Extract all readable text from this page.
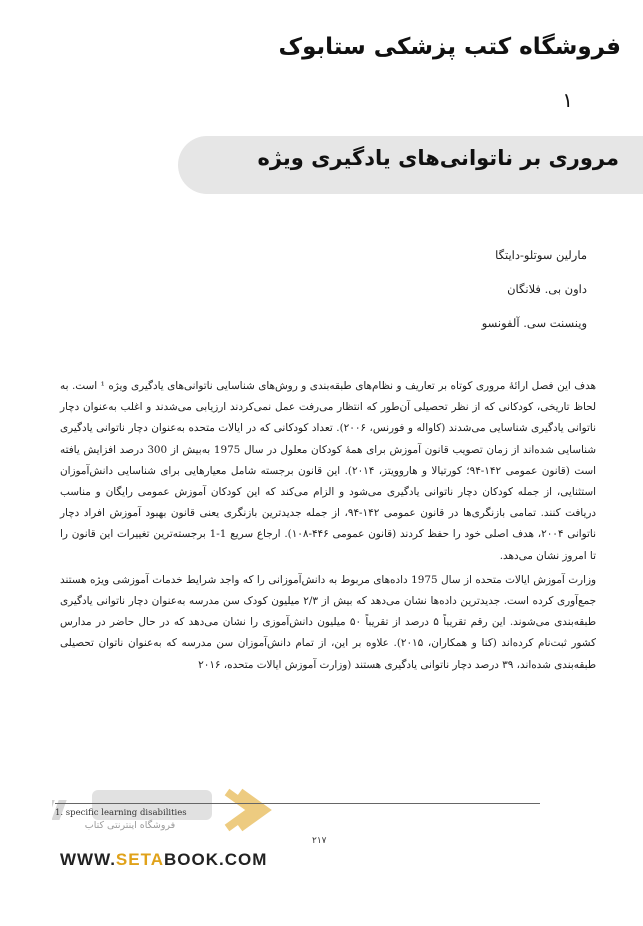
فروشگاه کتب پزشکی ستابوک
۱
مروری بر ناتوانی‌های یادگیری ویژه
مارلین سوتلو-دایتگا
داون بی. فلانگان
وینسنت سی. آلفونسو

هدف این فصل ارائهٔ مروری کوتاه بر تعاریف و نظام‌های طبقه‌بندی و روش‌های شناسایی ناتوانی‌های یادگیری ویژه ¹ است. به لحاظ تاریخی، کودکانی که از نظر تحصیلی آن‌طور که انتظار می‌رفت عمل نمی‌کردند ارزیابی می‌شدند و اغلب به‌عنوان دچار ناتوانی یادگیری شناسایی می‌شدند (کاواله و فورنس، ۲۰۰۶). تعداد کودکانی که در ایالات متحده به‌عنوان دچار ناتوانی یادگیری شناسایی شده‌اند از زمان تصویب قانون آموزش برای همهٔ کودکان معلول در سال 1975 به‌بیش از 300 درصد افزایش یافته است (قانون عمومی ۱۴۲-۹۴؛ کورتیالا و هاروویتز، ۲۰۱۴). این قانون برجسته شامل معیارهایی برای شناسایی دانش‌آموزان استثنایی، از جمله کودکان دچار ناتوانی یادگیری می‌شود و الزام می‌کند که این کودکان آموزش عمومی رایگان و مناسب دریافت کنند. تمامی بازنگری‌ها در قانون عمومی ۱۴۲-۹۴، از جمله جدیدترین بازنگری یعنی قانون بهبود آموزش افراد دچار ناتوانی ۲۰۰۴، هدف اصلی خود را حفظ کردند (قانون عمومی ۴۴۶-۱۰۸). ارجاع سریع 1-1 برجسته‌ترین تغییرات این قانون را تا امروز نشان می‌دهد.

وزارت آموزش ایالات متحده از سال 1975 داده‌های مربوط به دانش‌آموزانی را که واجد شرایط خدمات آموزشی ویژه هستند جمع‌آوری کرده است. جدیدترین داده‌ها نشان می‌دهد که بیش از ۲/۳ میلیون کودک سن مدرسه به‌عنوان دچار ناتوانی یادگیری طبقه‌بندی می‌شوند. این رقم تقریباً ۵ درصد از تقریباً ۵۰ میلیون دانش‌آموزی را نشان می‌دهد که در حال حاضر در مدارس کشور ثبت‌نام کرده‌اند (کنا و همکاران، ۲۰۱۵). علاوه بر این، از تمام دانش‌آموزان سن مدرسه که به‌عنوان ناتوان تحصیلی طبقه‌بندی شده‌اند، ۳۹ درصد دچار ناتوانی یادگیری هستند (وزارت آموزش ایالات متحده، ۲۰۱۶

فروشگاه اینترنتی کتاب
1. specific learning disabilities
۲۱۷
WWW.SETABOOK.COM
